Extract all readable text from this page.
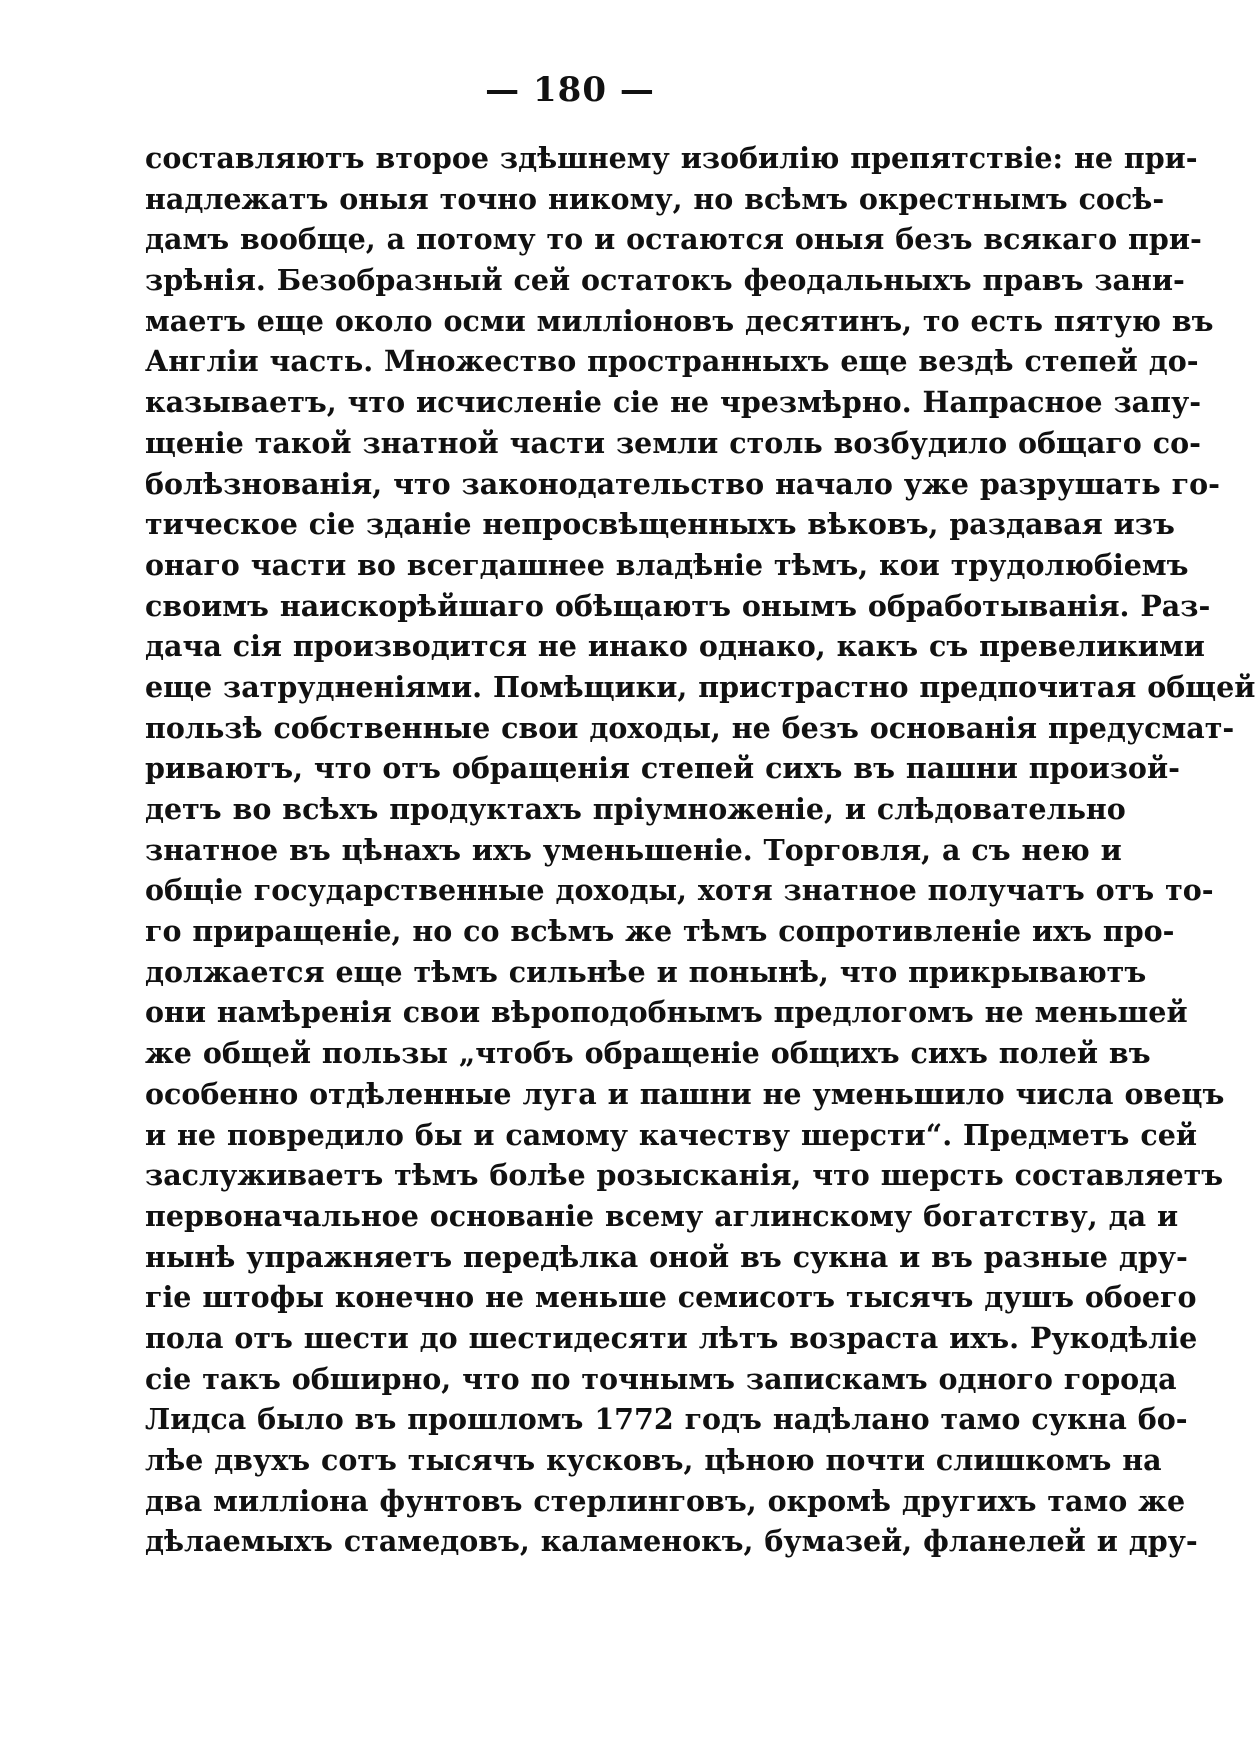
— 180 —
составляютъ второе здѣшнему изобилію препятствіе: не при-
надлежатъ оныя точно никому, но всѣмъ окрестнымъ сосѣ-
дамъ вообще, а потому то и остаются оныя безъ всякаго при-
зрѣнія. Безобразный сей остатокъ феодальныхъ правъ зани-
маетъ еще около осми милліоновъ десятинъ, то есть пятую въ
Англіи часть. Множество пространныхъ еще вездѣ степей до-
казываетъ, что исчисленіе сіе не чрезмѣрно. Напрасное запу-
щеніе такой знатной части земли столь возбудило общаго со-
болѣзнованія, что законодательство начало уже разрушать го-
тическое сіе зданіе непросвѣщенныхъ вѣковъ, раздавая изъ
онаго части во всегдашнее владѣніе тѣмъ, кои трудолюбіемъ
своимъ наискорѣйшаго обѣщаютъ онымъ обработыванія. Раз-
дача сія производится не инако однако, какъ съ превеликими
еще затрудненіями. Помѣщики, пристрастно предпочитая общей
пользѣ собственные свои доходы, не безъ основанія предусмат-
риваютъ, что отъ обращенія степей сихъ въ пашни произой-
детъ во всѣхъ продуктахъ пріумноженіе, и слѣдовательно
знатное въ цѣнахъ ихъ уменьшеніе. Торговля, а съ нею и
общіе государственные доходы, хотя знатное получатъ отъ то-
го приращеніе, но со всѣмъ же тѣмъ сопротивленіе ихъ про-
должается еще тѣмъ сильнѣе и понынѣ, что прикрываютъ
они намѣренія свои вѣроподобнымъ предлогомъ не меньшей
же общей пользы „чтобъ обращеніе общихъ сихъ полей въ
особенно отдѣленные луга и пашни не уменьшило числа овецъ
и не повредило бы и самому качеству шерсти“. Предметъ сей
заслуживаетъ тѣмъ болѣе розысканія, что шерсть составляетъ
первоначальное основаніе всему аглинскому богатству, да и
нынѣ упражняетъ передѣлка оной въ сукна и въ разные дру-
гіе штофы конечно не меньше семисотъ тысячъ душъ обоего
пола отъ шести до шестидесяти лѣтъ возраста ихъ. Рукодѣліе
сіе такъ обширно, что по точнымъ запискамъ одного города
Лидса было въ прошломъ 1772 годъ надѣлано тамо сукна бо-
лѣе двухъ сотъ тысячъ кусковъ, цѣною почти слишкомъ на
два милліона фунтовъ стерлинговъ, окромѣ другихъ тамо же
дѣлаемыхъ стамедовъ, каламенокъ, бумазей, фланелей и дру-
